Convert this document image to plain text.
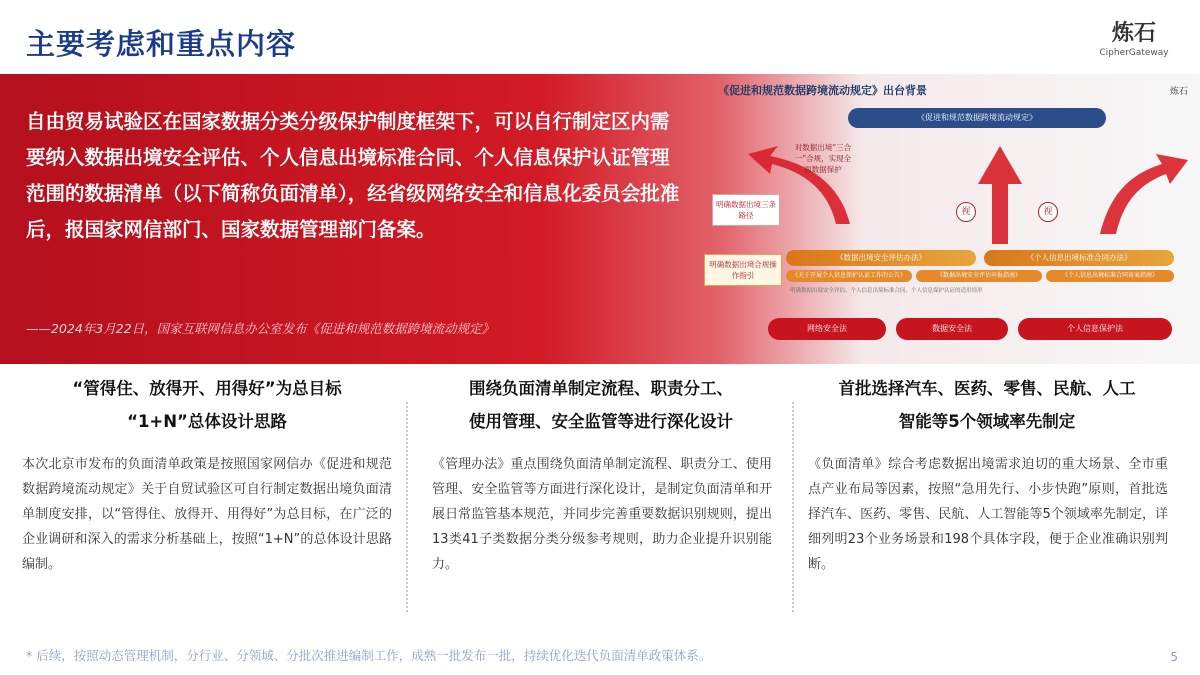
主要考虑和重点内容	炼石
CipherGateway
自由贸易试验区在国家数据分类分级保护制度框架下，可以自行制定区内需要纳入数据出境安全评估、个人信息出境标准合同、个人信息保护认证管理范围的数据清单（以下简称负面清单），经省级网络安全和信息化委员会批准后，报国家网信部门、国家数据管理部门备案。
——2024年3月22日，国家互联网信息办公室发布《促进和规范数据跨境流动规定》
《促进和规范数据跨境流动规定》出台背景	炼石
《促进和规范数据跨境流动规定》
对数据出境“三合一”合规，实现全面数据保护
明确数据出境三条路径
明确数据出境合规操作指引
视	视
《数据出境安全评估办法》	《个人信息出境标准合同办法》
《关于开展个人信息保护认证工作的公告》	《数据出境安全评估申报指南》	《个人信息出境标准合同备案指南》
明确数据出境安全评估、个人信息出境标准合同、个人信息保护认证的适用情形
网络安全法	数据安全法	个人信息保护法
“管得住、放得开、用得好”为总目标
“1+N”总体设计思路
本次北京市发布的负面清单政策是按照国家网信办《促进和规范数据跨境流动规定》关于自贸试验区可自行制定数据出境负面清单制度安排，以“管得住、放得开、用得好”为总目标，在广泛的企业调研和深入的需求分析基础上，按照“1+N”的总体设计思路编制。
围绕负面清单制定流程、职责分工、
使用管理、安全监管等进行深化设计
《管理办法》重点围绕负面清单制定流程、职责分工、使用管理、安全监管等方面进行深化设计，是制定负面清单和开展日常监管基本规范，并同步完善重要数据识别规则，提出13类41子类数据分类分级参考规则，助力企业提升识别能力。
首批选择汽车、医药、零售、民航、人工
智能等5个领域率先制定
《负面清单》综合考虑数据出境需求迫切的重大场景、全市重点产业布局等因素，按照“急用先行、小步快跑”原则，首批选择汽车、医药、零售、民航、人工智能等5个领域率先制定，详细列明23个业务场景和198个具体字段，便于企业准确识别判断。
* 后续，按照动态管理机制，分行业、分领域、分批次推进编制工作，成熟一批发布一批，持续优化迭代负面清单政策体系。	5
